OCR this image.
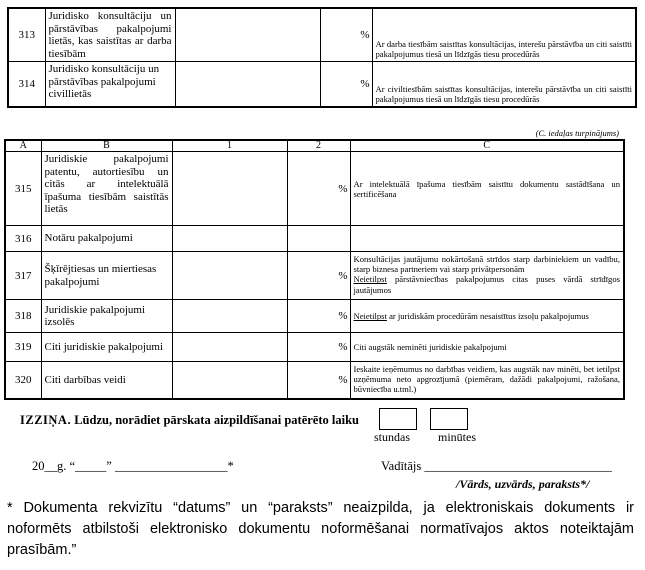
313	Juridisko konsultāciju un pārstāvības pakalpojumi lietās, kas saistītas ar darba tiesībām		%	Ar darba tiesībām saistītas konsultācijas, interešu pārstāvība un citi saistīti pakalpojumus tiesā un līdzīgās tiesu procedūrās
314	Juridisko konsultāciju un pārstāvības pakalpojumi civillietās		%	Ar civiltiesībām saistītas konsultācijas, interešu pārstāvība un citi saistīti pakalpojumus tiesā un līdzīgās tiesu procedūrās
(C. iedaļas turpinājums)
A	B	1	2	C
315	Juridiskie pakalpojumi patentu, autortiesību un citās ar intelektuālā īpašuma tiesībām saistītās lietās		%	Ar intelektuālā īpašuma tiesībām saistītu dokumentu sastādīšana un sertificēšana
316	Notāru pakalpojumi			
317	Šķīrējtiesas un miertiesas pakalpojumi		%	Konsultācijas jautājumu nokārtošanā strīdos starp darbiniekiem un vadību, starp biznesa partneriem vai starp privātpersonām
Neietilpst pārstāvniecības pakalpojumus citas puses vārdā strīdīgos jautājumos
318	Juridiskie pakalpojumi izsolēs		%	Neietilpst ar juridiskām procedūrām nesaistītus izsoļu pakalpojumus
319	Citi juridiskie pakalpojumi		%	Citi augstāk neminēti juridiskie pakalpojumi
320	Citi darbības veidi		%	Ieskaite ieņēmumus no darbības veidiem, kas augstāk nav minēti, bet ietilpst uzņēmuma neto apgrozījumā (piemēram, dažādi pakalpojumi, ražošana, būvniecība u.tml.)
IZZIŅA. Lūdzu, norādiet pārskata aizpildīšanai patērēto laiku
stundas minūtes
20__g. “_____” __________________*	Vadītājs ______________________________
/Vārds, uzvārds, paraksts*/
* Dokumenta rekvizītu “datums” un “paraksts” neaizpilda, ja elektroniskais dokuments ir noformēts atbilstoši elektronisko dokumentu noformēšanai normatīvajos aktos noteiktajām prasībām.”
